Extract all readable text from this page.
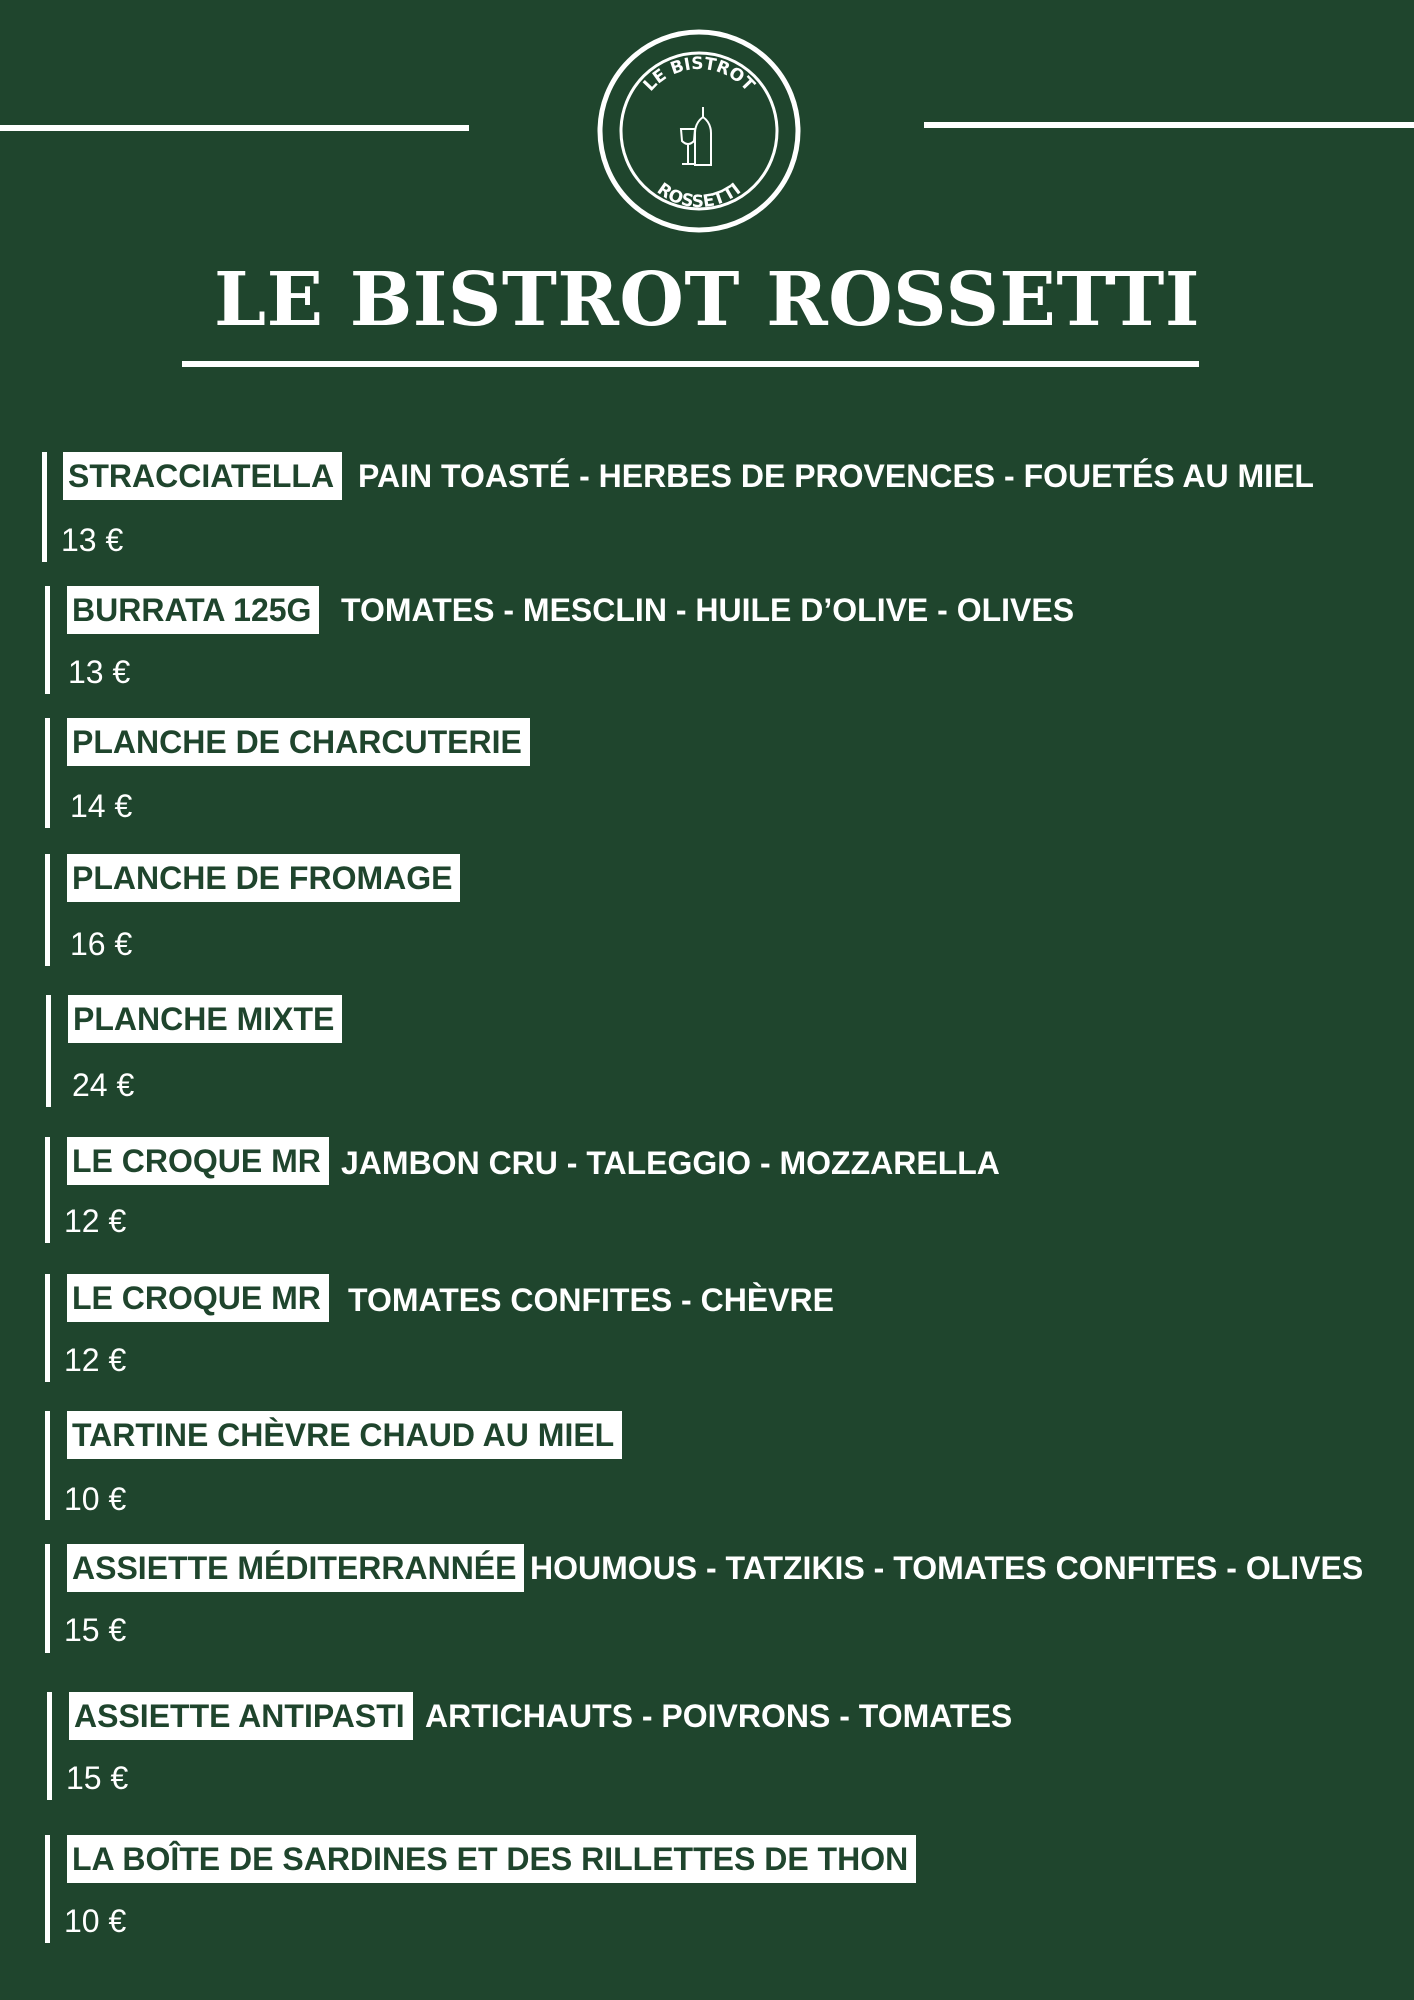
LE BISTROT
ROSSETTI
LE BISTROT ROSSETTI
STRACCIATELLA PAIN TOASTÉ - HERBES DE PROVENCES - FOUETÉS AU MIEL
13 €
BURRATA 125G TOMATES - MESCLIN - HUILE D’OLIVE - OLIVES
13 €
PLANCHE DE CHARCUTERIE
14 €
PLANCHE DE FROMAGE
16 €
PLANCHE MIXTE
24 €
LE CROQUE MR JAMBON CRU - TALEGGIO - MOZZARELLA
12 €
LE CROQUE MR TOMATES CONFITES - CHÈVRE
12 €
TARTINE CHÈVRE CHAUD AU MIEL
10 €
ASSIETTE MÉDITERRANNÉE HOUMOUS - TATZIKIS - TOMATES CONFITES - OLIVES
15 €
ASSIETTE ANTIPASTI ARTICHAUTS - POIVRONS - TOMATES
15 €
LA BOÎTE DE SARDINES ET DES RILLETTES DE THON
10 €
